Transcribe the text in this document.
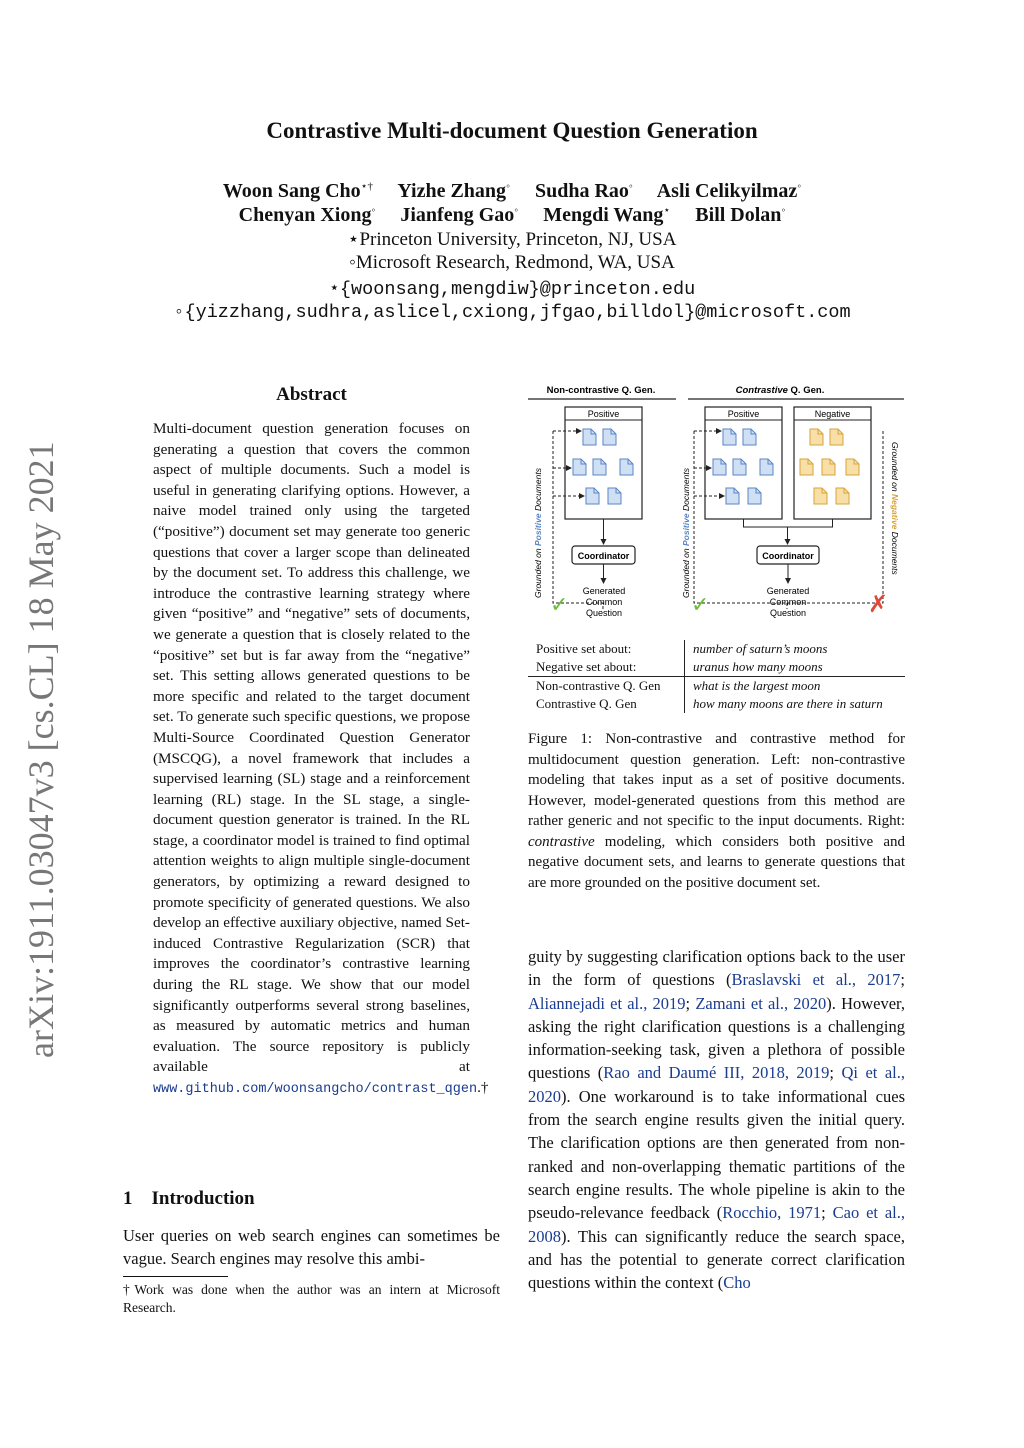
Contrastive Multi-document Question Generation
Woon Sang Cho⋆† Yizhe Zhang◦ Sudha Rao◦ Asli Celikyilmaz◦
Chenyan Xiong◦ Jianfeng Gao◦ Mengdi Wang⋆ Bill Dolan◦
⋆Princeton University, Princeton, NJ, USA
◦Microsoft Research, Redmond, WA, USA
⋆{woonsang,mengdiw}@princeton.edu
◦{yizzhang,sudhra,aslicel,cxiong,jfgao,billdol}@microsoft.com
arXiv:1911.03047v3 [cs.CL] 18 May 2021
Abstract
Multi-document question generation focuses on generating a question that covers the common aspect of multiple documents. Such a model is useful in generating clarifying options. However, a naive model trained only using the targeted (“positive”) document set may generate too generic questions that cover a larger scope than delineated by the document set. To address this challenge, we introduce the contrastive learning strategy where given “positive” and “negative” sets of documents, we generate a question that is closely related to the “positive” set but is far away from the “negative” set. This setting allows generated questions to be more specific and related to the target document set. To generate such specific questions, we propose Multi-Source Coordinated Question Generator (MSCQG), a novel framework that includes a supervised learning (SL) stage and a reinforcement learning (RL) stage. In the SL stage, a single-document question generator is trained. In the RL stage, a coordinator model is trained to find optimal attention weights to align multiple single-document generators, by optimizing a reward designed to promote specificity of generated questions. We also develop an effective auxiliary objective, named Set-induced Contrastive Regularization (SCR) that improves the coordinator’s contrastive learning during the RL stage. We show that our model significantly outperforms several strong baselines, as measured by automatic metrics and human evaluation. The source repository is publicly available at www.github.com/woonsangcho/contrast_qgen.†
1 Introduction
User queries on web search engines can sometimes be vague. Search engines may resolve this ambi-
†Work was done when the author was an intern at Microsoft Research.
Non-contrastive Q. Gen.	Contrastive Q. Gen.
Positive
Coordinator
Generated
Common
Question
✓
Grounded on Positive Documents
Positive	Negative
Coordinator
Generated
Common
Question
✓	✗
Grounded on Positive Documents	Grounded on Negative Documents
Positive set about:	number of saturn’s moons
Negative set about:	uranus how many moons
Non-contrastive Q. Gen	what is the largest moon
Contrastive Q. Gen	how many moons are there in saturn
Figure 1: Non-contrastive and contrastive method for multidocument question generation. Left: non-contrastive modeling that takes input as a set of positive documents. However, model-generated questions from this method are rather generic and not specific to the input documents. Right: contrastive modeling, which considers both positive and negative document sets, and learns to generate questions that are more grounded on the positive document set.
guity by suggesting clarification options back to the user in the form of questions (Braslavski et al., 2017; Aliannejadi et al., 2019; Zamani et al., 2020). However, asking the right clarification questions is a challenging information-seeking task, given a plethora of possible questions (Rao and Daumé III, 2018, 2019; Qi et al., 2020). One workaround is to take informational cues from the search engine results given the initial query. The clarification options are then generated from non-ranked and non-overlapping thematic partitions of the search engine results. The whole pipeline is akin to the pseudo-relevance feedback (Rocchio, 1971; Cao et al., 2008). This can significantly reduce the search space, and has the potential to generate correct clarification questions within the context (Cho
